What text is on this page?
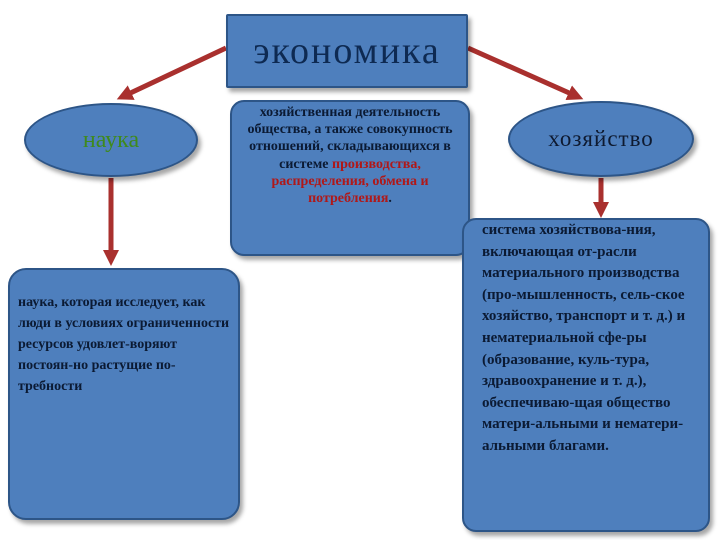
экономика
наука
хозяйственная деятельность общества, а также совокупность отношений, складывающихся в системе производства, распределения, обмена и потребления.
хозяйство
наука, которая исследует, как люди в условиях ограниченности ресурсов удовлет-воряют постоян-но растущие по-требности
система хозяйствова-ния, включающая от-расли материального производства (про-мышленность, сель-ское хозяйство, транспорт и т. д.) и нематериальной сфе-ры (образование, куль-тура, здравоохранение и т. д.), обеспечиваю-щая общество матери-альными и нематери-альными благами.
